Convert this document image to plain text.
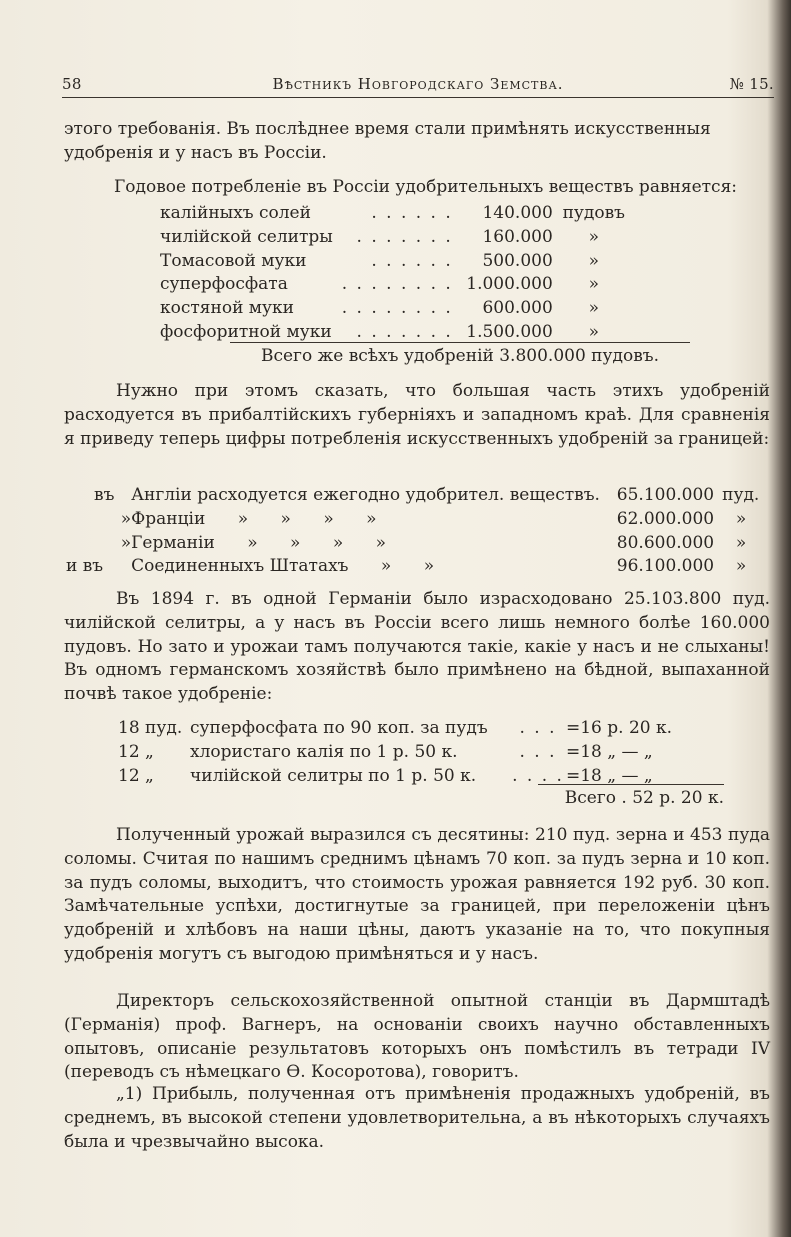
58	Вѣстникъ Новгородскаго Земства.	№ 15.

этого требованія. Въ послѣднее время стали примѣнять искусственныя удобренія и у насъ въ Россіи.

Годовое потребленіе въ Россіи удобрительныхъ веществъ равняется:

калійныхъ солей	. . . . . .	140.000	пудовъ
чилійской селитры	. . . . . . .	160.000	»
Томасовой муки	. . . . . .	500.000	»
суперфосфата	. . . . . . . .	1.000.000	»
костяной муки	. . . . . . . .	600.000	»
фосфоритной муки	. . . . . . .	1.500.000	»
Всего же всѣхъ удобреній 3.800.000 пудовъ.

Нужно при этомъ сказать, что большая часть этихъ удобреній расходуется въ прибалтійскихъ губерніяхъ и западномъ краѣ. Для сравненія я приведу теперь цифры потребленія искусственныхъ удобреній за границей:

въ	Англіи расходуется ежегодно удобрител. веществъ.	65.100.000	пуд.
»	Франціи      »      »      »      »	62.000.000	»
»	Германіи      »      »      »      »	80.600.000	»
и въ	Соединенныхъ Штатахъ      »      »	96.100.000	»

Въ 1894 г. въ одной Германіи было израсходовано 25.103.800 пуд. чилійской селитры, а у насъ въ Россіи всего лишь немного болѣе 160.000 пудовъ. Но зато и урожаи тамъ получаются такіе, какіе у насъ и не слыханы! Въ одномъ германскомъ хозяйствѣ было примѣнено на бѣдной, выпаханной почвѣ такое удобреніе:

18 пуд.	суперфосфата по 90 коп. за пудъ	. . .	=16 р. 20 к.
12 „	хлористаго калія по 1 р. 50 к.	. . .	=18 „ — „
12 „	чилійской селитры по 1 р. 50 к.	. . . .	=18 „ — „
Всего . 52 р. 20 к.

Полученный урожай выразился съ десятины: 210 пуд. зерна и 453 пуда соломы. Считая по нашимъ среднимъ цѣнамъ 70 коп. за пудъ зерна и 10 коп. за пудъ соломы, выходитъ, что стоимость урожая равняется 192 руб. 30 коп. Замѣчательные успѣхи, достигнутые за границей, при переложеніи цѣнъ удобреній и хлѣбовъ на наши цѣны, даютъ указаніе на то, что покупныя удобренія могутъ съ выгодою примѣняться и у насъ.

Директоръ сельскохозяйственной опытной станціи въ Дармштадѣ (Германія) проф. Вагнеръ, на основаніи своихъ научно обставленныхъ опытовъ, описаніе результатовъ которыхъ онъ помѣстилъ въ тетради IV (переводъ съ нѣмецкаго Ѳ. Косоротова), говоритъ.

„1) Прибыль, полученная отъ примѣненія продажныхъ удобреній, въ среднемъ, въ высокой степени удовлетворительна, а въ нѣкоторыхъ случаяхъ была и чрезвычайно высока.
